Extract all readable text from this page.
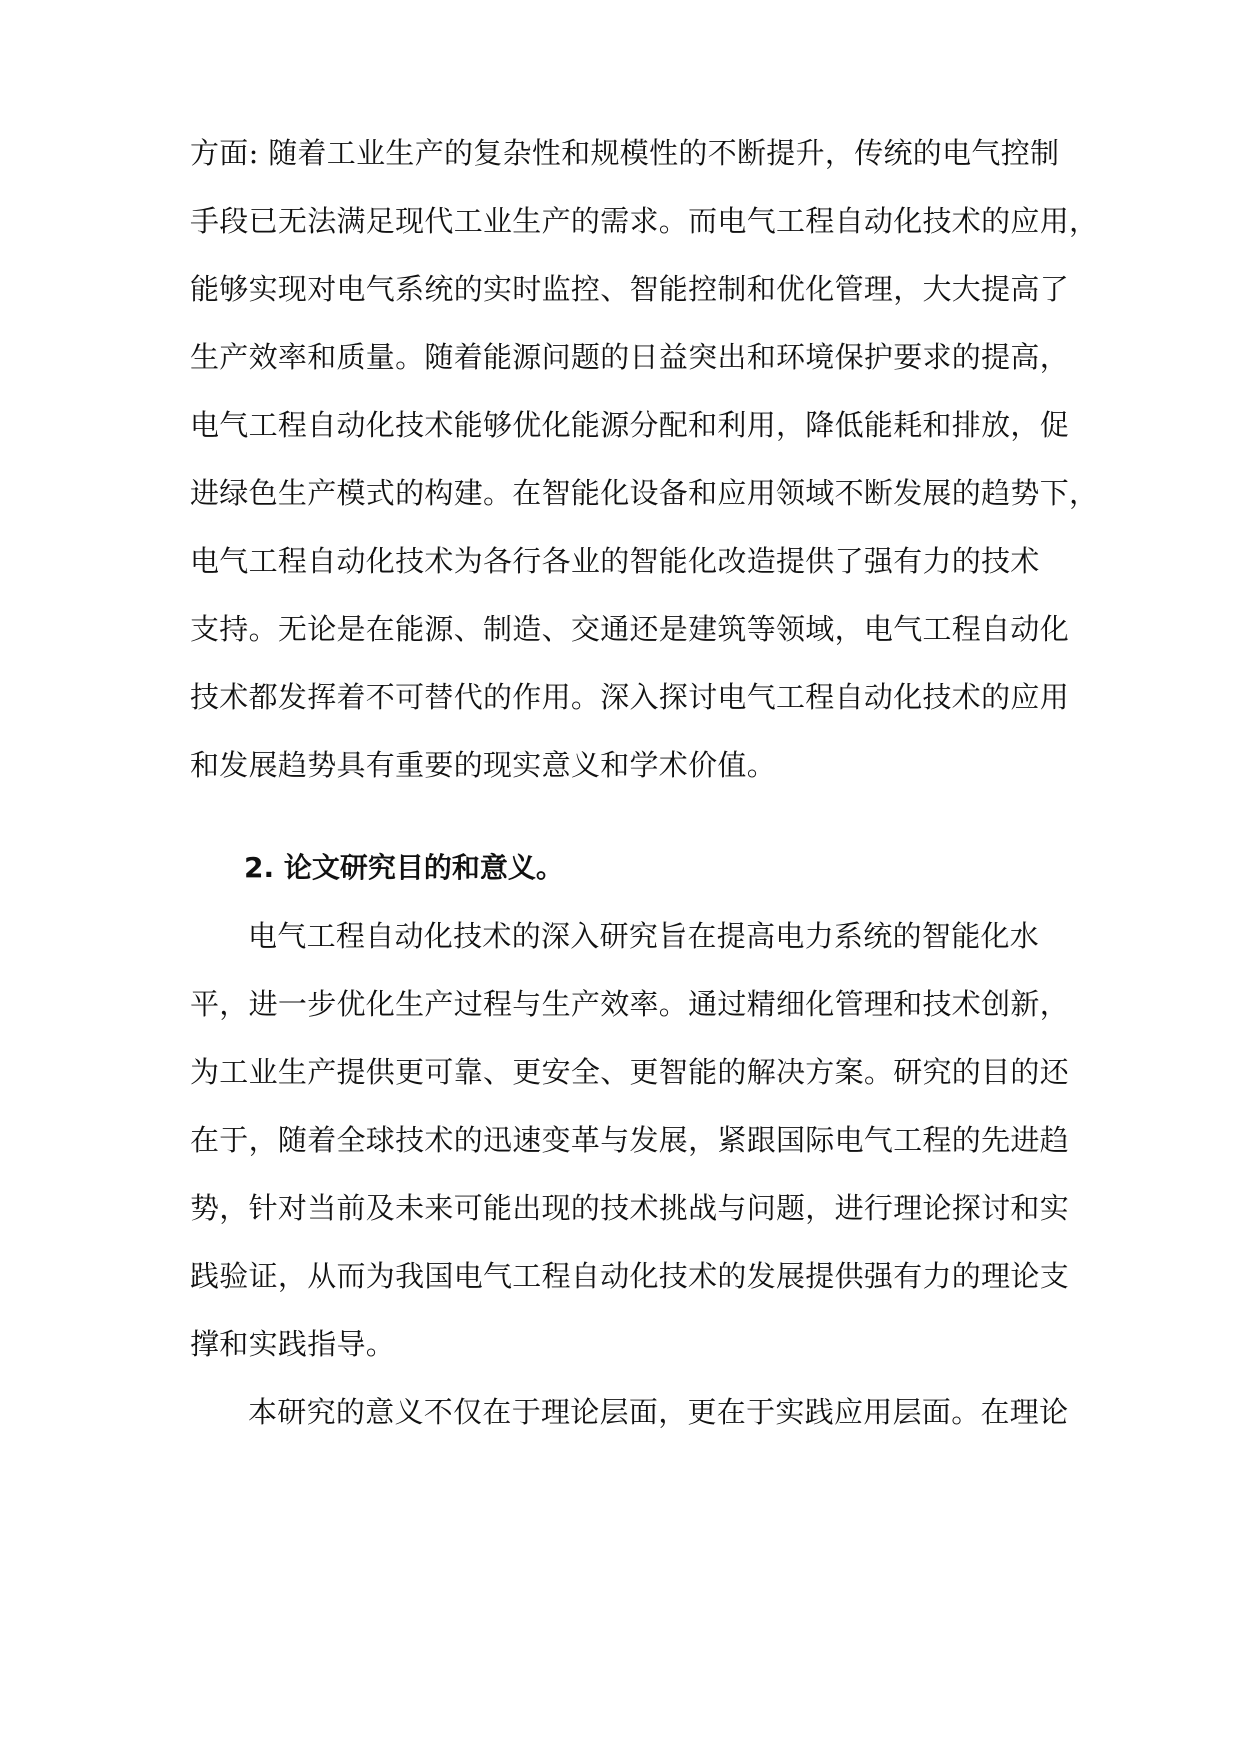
方面: 随着工业生产的复杂性和规模性的不断提升，传统的电气控制
手段已无法满足现代工业生产的需求。而电气工程自动化技术的应用，
能够实现对电气系统的实时监控、智能控制和优化管理，大大提高了
生产效率和质量。随着能源问题的日益突出和环境保护要求的提高，
电气工程自动化技术能够优化能源分配和利用，降低能耗和排放，促
进绿色生产模式的构建。在智能化设备和应用领域不断发展的趋势下，
电气工程自动化技术为各行各业的智能化改造提供了强有力的技术
支持。无论是在能源、制造、交通还是建筑等领域，电气工程自动化
技术都发挥着不可替代的作用。深入探讨电气工程自动化技术的应用
和发展趋势具有重要的现实意义和学术价值。
2. 论文研究目的和意义。
电气工程自动化技术的深入研究旨在提高电力系统的智能化水
平，进一步优化生产过程与生产效率。通过精细化管理和技术创新，
为工业生产提供更可靠、更安全、更智能的解决方案。研究的目的还
在于，随着全球技术的迅速变革与发展，紧跟国际电气工程的先进趋
势，针对当前及未来可能出现的技术挑战与问题，进行理论探讨和实
践验证，从而为我国电气工程自动化技术的发展提供强有力的理论支
撑和实践指导。
本研究的意义不仅在于理论层面，更在于实践应用层面。在理论
